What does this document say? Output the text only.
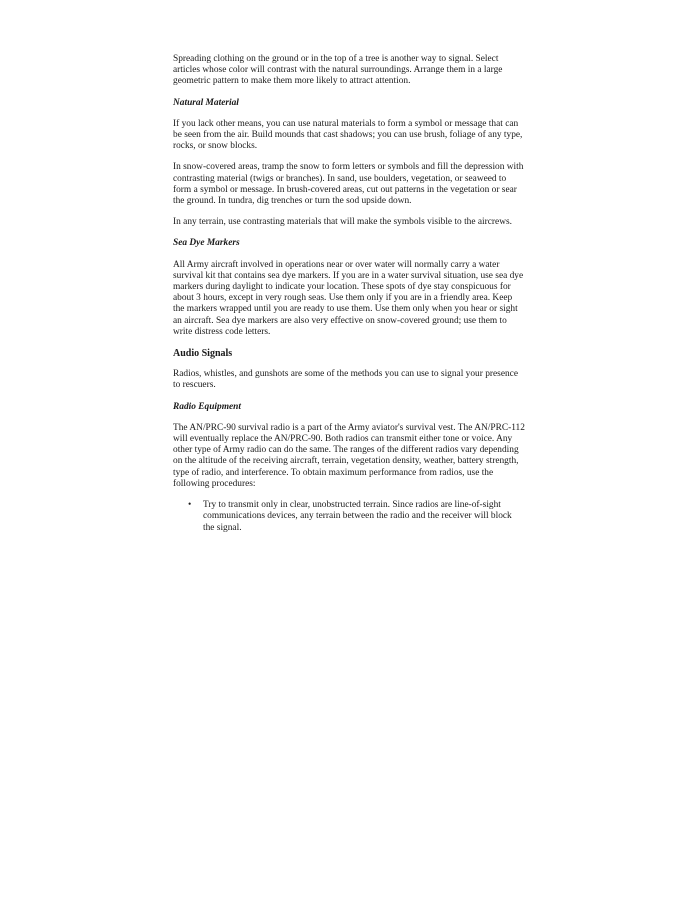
Spreading clothing on the ground or in the top of a tree is another way to signal. Select articles whose color will contrast with the natural surroundings. Arrange them in a large geometric pattern to make them more likely to attract attention.

Natural Material

If you lack other means, you can use natural materials to form a symbol or message that can be seen from the air. Build mounds that cast shadows; you can use brush, foliage of any type, rocks, or snow blocks.

In snow-covered areas, tramp the snow to form letters or symbols and fill the depression with contrasting material (twigs or branches). In sand, use boulders, vegetation, or seaweed to form a symbol or message. In brush-covered areas, cut out patterns in the vegetation or sear the ground. In tundra, dig trenches or turn the sod upside down.

In any terrain, use contrasting materials that will make the symbols visible to the aircrews.

Sea Dye Markers

All Army aircraft involved in operations near or over water will normally carry a water survival kit that contains sea dye markers. If you are in a water survival situation, use sea dye markers during daylight to indicate your location. These spots of dye stay conspicuous for about 3 hours, except in very rough seas. Use them only if you are in a friendly area. Keep the markers wrapped until you are ready to use them. Use them only when you hear or sight an aircraft. Sea dye markers are also very effective on snow-covered ground; use them to write distress code letters.

Audio Signals

Radios, whistles, and gunshots are some of the methods you can use to signal your presence to rescuers.

Radio Equipment

The AN/PRC-90 survival radio is a part of the Army aviator's survival vest. The AN/PRC-112 will eventually replace the AN/PRC-90. Both radios can transmit either tone or voice. Any other type of Army radio can do the same. The ranges of the different radios vary depending on the altitude of the receiving aircraft, terrain, vegetation density, weather, battery strength, type of radio, and interference. To obtain maximum performance from radios, use the following procedures:

• Try to transmit only in clear, unobstructed terrain. Since radios are line-of-sight communications devices, any terrain between the radio and the receiver will block the signal.
